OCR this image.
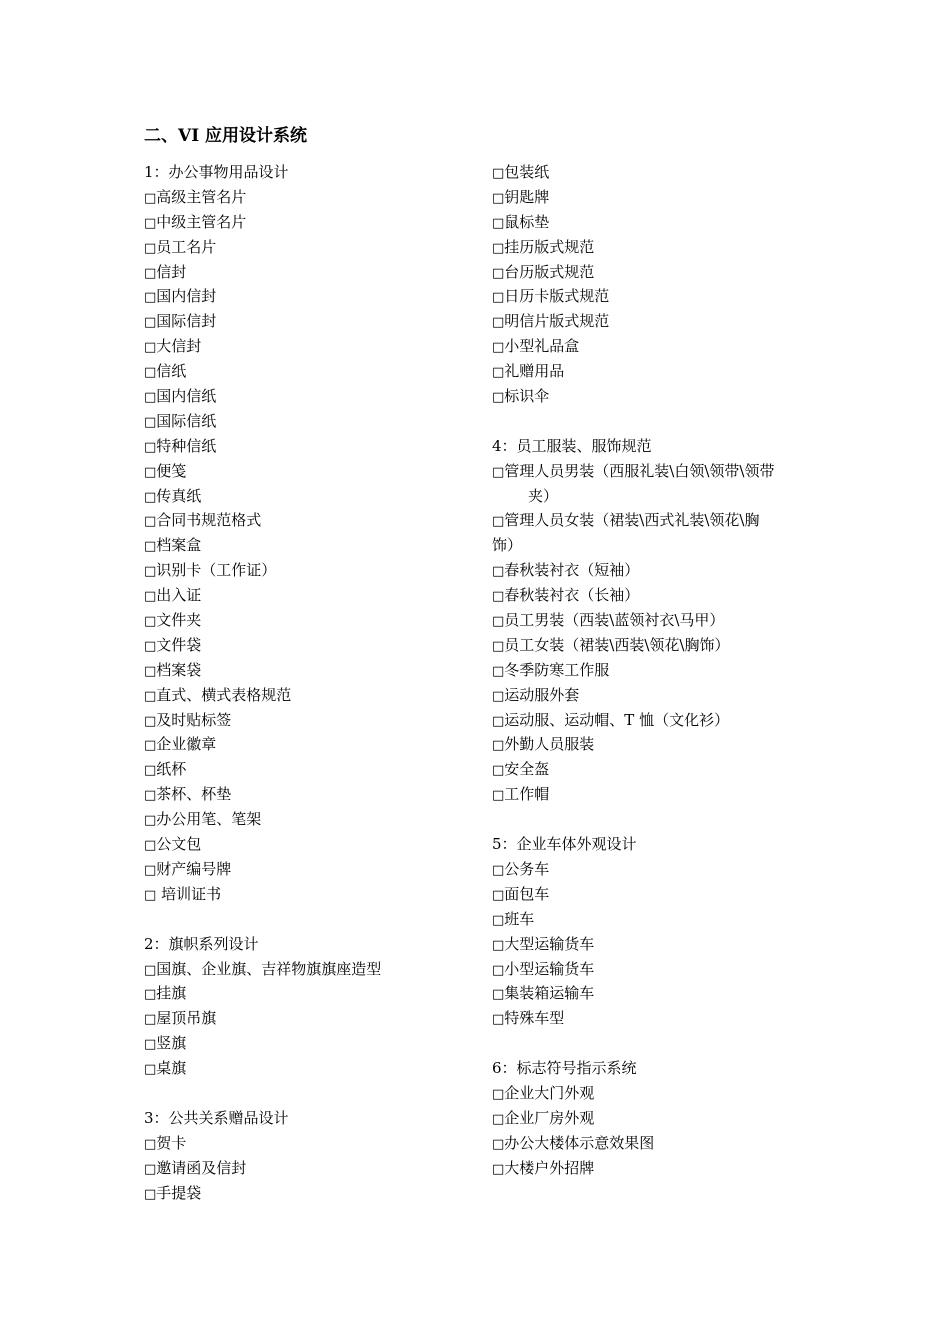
二、VI 应用设计系统
1：办公事物用品设计
□高级主管名片
□中级主管名片
□员工名片
□信封
□国内信封
□国际信封
□大信封
□信纸
□国内信纸
□国际信纸
□特种信纸
□便笺
□传真纸
□合同书规范格式
□档案盒
□识别卡（工作证）
□出入证
□文件夹
□文件袋
□档案袋
□直式、横式表格规范
□及时贴标签
□企业徽章
□纸杯
□茶杯、杯垫
□办公用笔、笔架
□公文包
□财产编号牌
□ 培训证书
2：旗帜系列设计
□国旗、企业旗、吉祥物旗旗座造型
□挂旗
□屋顶吊旗
□竖旗
□桌旗
3：公共关系赠品设计
□贺卡
□邀请函及信封
□手提袋
□包装纸
□钥匙牌
□鼠标垫
□挂历版式规范
□台历版式规范
□日历卡版式规范
□明信片版式规范
□小型礼品盒
□礼赠用品
□标识伞
4：员工服装、服饰规范
□管理人员男装（西服礼装\白领\领带\领带
夹）
□管理人员女装（裙装\西式礼装\领花\胸
饰）
□春秋装衬衣（短袖）
□春秋装衬衣（长袖）
□员工男装（西装\蓝领衬衣\马甲）
□员工女装（裙装\西装\领花\胸饰）
□冬季防寒工作服
□运动服外套
□运动服、运动帽、T 恤（文化衫）
□外勤人员服装
□安全盔
□工作帽
5：企业车体外观设计
□公务车
□面包车
□班车
□大型运输货车
□小型运输货车
□集装箱运输车
□特殊车型
6：标志符号指示系统
□企业大门外观
□企业厂房外观
□办公大楼体示意效果图
□大楼户外招牌
